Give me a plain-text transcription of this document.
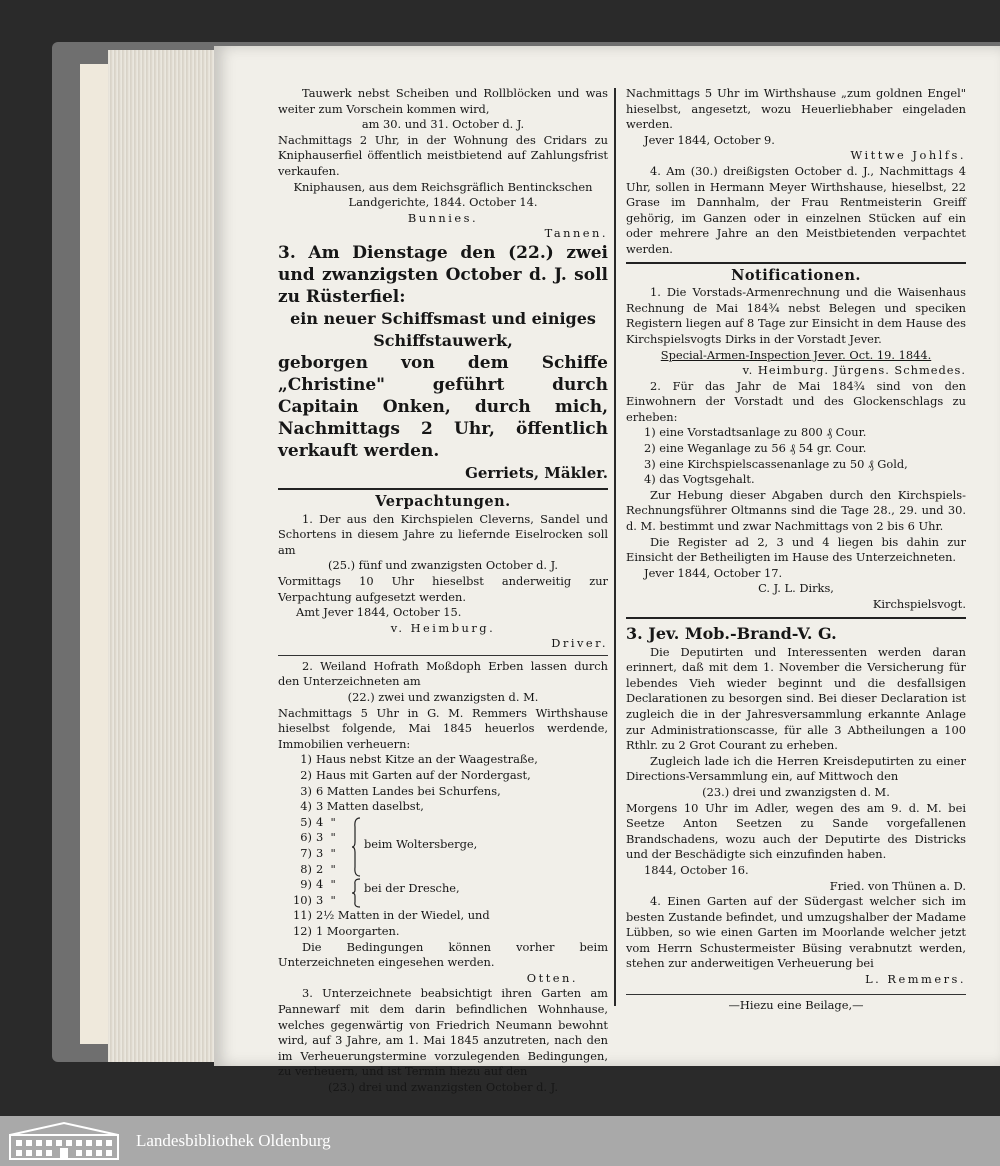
Tauwerk nebst Scheiben und Rollblöcken und was weiter zum Vorschein kommen wird,
am 30. und 31. October d. J.
Nachmittags 2 Uhr, in der Wohnung des Cridars zu Kniphauserfiel öffentlich meistbietend auf Zahlungsfrist verkaufen.
Kniphausen, aus dem Reichsgräflich Bentinckschen Landgerichte, 1844. October 14.
Bunnies.
Tannen.
3. Am Dienstage den (22.) zwei und zwanzigsten October d. J. soll zu Rüsterfiel:
ein neuer Schiffsmast und einiges Schiffstauwerk,
geborgen von dem Schiffe „Christine" geführt durch Capitain Onken, durch mich, Nachmittags 2 Uhr, öffentlich verkauft werden.
Gerriets, Mäkler.
Verpachtungen.
1. Der aus den Kirchspielen Cleverns, Sandel und Schortens in diesem Jahre zu liefernde Eiselrocken soll am
(25.) fünf und zwanzigsten October d. J.
Vormittags 10 Uhr hieselbst anderweitig zur Verpachtung aufgesetzt werden.
Amt Jever 1844, October 15.
v. Heimburg.
Driver.
2. Weiland Hofrath Moßdoph Erben lassen durch den Unterzeichneten am
(22.) zwei und zwanzigsten d. M.
Nachmittags 5 Uhr in G. M. Remmers Wirthshause hieselbst folgende, Mai 1845 heuerlos werdende, Immobilien verheuern:
1) Haus nebst Kitze an der Waagestraße,
2) Haus mit Garten auf der Nordergast,
3) 6 Matten Landes bei Schurfens,
4) 3 Matten daselbst,
5) 4
"
6) 3
"
7) 3
"
8) 2
"
beim Woltersberge,
9) 4
"
10) 3
"
bei der Dresche,
11) 2½ Matten in der Wiedel, und
12) 1 Moorgarten.
Die Bedingungen können vorher beim Unterzeichneten eingesehen werden.
Otten.
3. Unterzeichnete beabsichtigt ihren Garten am Pannewarf mit dem darin befindlichen Wohnhause, welches gegenwärtig von Friedrich Neumann bewohnt wird, auf 3 Jahre, am 1. Mai 1845 anzutreten, nach den im Verheuerungstermine vorzulegenden Bedingungen, zu verheuern, und ist Termin hiezu auf den
(23.) drei und zwanzigsten October d. J.
Nachmittags 5 Uhr im Wirthshause „zum goldnen Engel" hieselbst, angesetzt, wozu Heuerliebhaber eingeladen werden.
Jever 1844, October 9.
Wittwe Johlfs.
4. Am (30.) dreißigsten October d. J., Nachmittags 4 Uhr, sollen in Hermann Meyer Wirthshause, hieselbst, 22 Grase im Dannhalm, der Frau Rentmeisterin Greiff gehörig, im Ganzen oder in einzelnen Stücken auf ein oder mehrere Jahre an den Meistbietenden verpachtet werden.
Notificationen.
1. Die Vorstads-Armenrechnung und die Waisenhaus Rechnung de Mai 184¾ nebst Belegen und speciken Registern liegen auf 8 Tage zur Einsicht in dem Hause des Kirchspielsvogts Dirks in der Vorstadt Jever.
Special-Armen-Inspection Jever. Oct. 19. 1844.
v. Heimburg. Jürgens. Schmedes.
2. Für das Jahr de Mai 184¾ sind von den Einwohnern der Vorstadt und des Glockenschlags zu erheben:
1) eine Vorstadtsanlage zu 800 ₰ Cour.
2) eine Weganlage zu 56 ₰ 54 gr. Cour.
3) eine Kirchspielscassenanlage zu 50 ₰ Gold,
4) das Vogtsgehalt.
Zur Hebung dieser Abgaben durch den Kirchspiels-Rechnungsführer Oltmanns sind die Tage 28., 29. und 30. d. M. bestimmt und zwar Nachmittags von 2 bis 6 Uhr.
Die Register ad 2, 3 und 4 liegen bis dahin zur Einsicht der Betheiligten im Hause des Unterzeichneten.
Jever 1844, October 17.
C. J. L. Dirks,
Kirchspielsvogt.
3. Jev. Mob.-Brand-V. G.
Die Deputirten und Interessenten werden daran erinnert, daß mit dem 1. November die Versicherung für lebendes Vieh wieder beginnt und die desfallsigen Declarationen zu besorgen sind. Bei dieser Declaration ist zugleich die in der Jahresversammlung erkannte Anlage zur Administrationscasse, für alle 3 Abtheilungen a 100 Rthlr. zu 2 Grot Courant zu erheben.
Zugleich lade ich die Herren Kreisdeputirten zu einer Directions-Versammlung ein, auf Mittwoch den
(23.) drei und zwanzigsten d. M.
Morgens 10 Uhr im Adler, wegen des am 9. d. M. bei Seetze Anton Seetzen zu Sande vorgefallenen Brandschadens, wozu auch der Deputirte des Districks und der Beschädigte sich einzufinden haben.
1844, October 16.
Fried. von Thünen a. D.
4. Einen Garten auf der Südergast welcher sich im besten Zustande befindet, und umzugshalber der Madame Lübben, so wie einen Garten im Moorlande welcher jetzt vom Herrn Schustermeister Büsing verabnutzt werden, stehen zur anderweitigen Verheuerung bei
L. Remmers.
—Hiezu eine Beilage,—
Landesbibliothek Oldenburg
